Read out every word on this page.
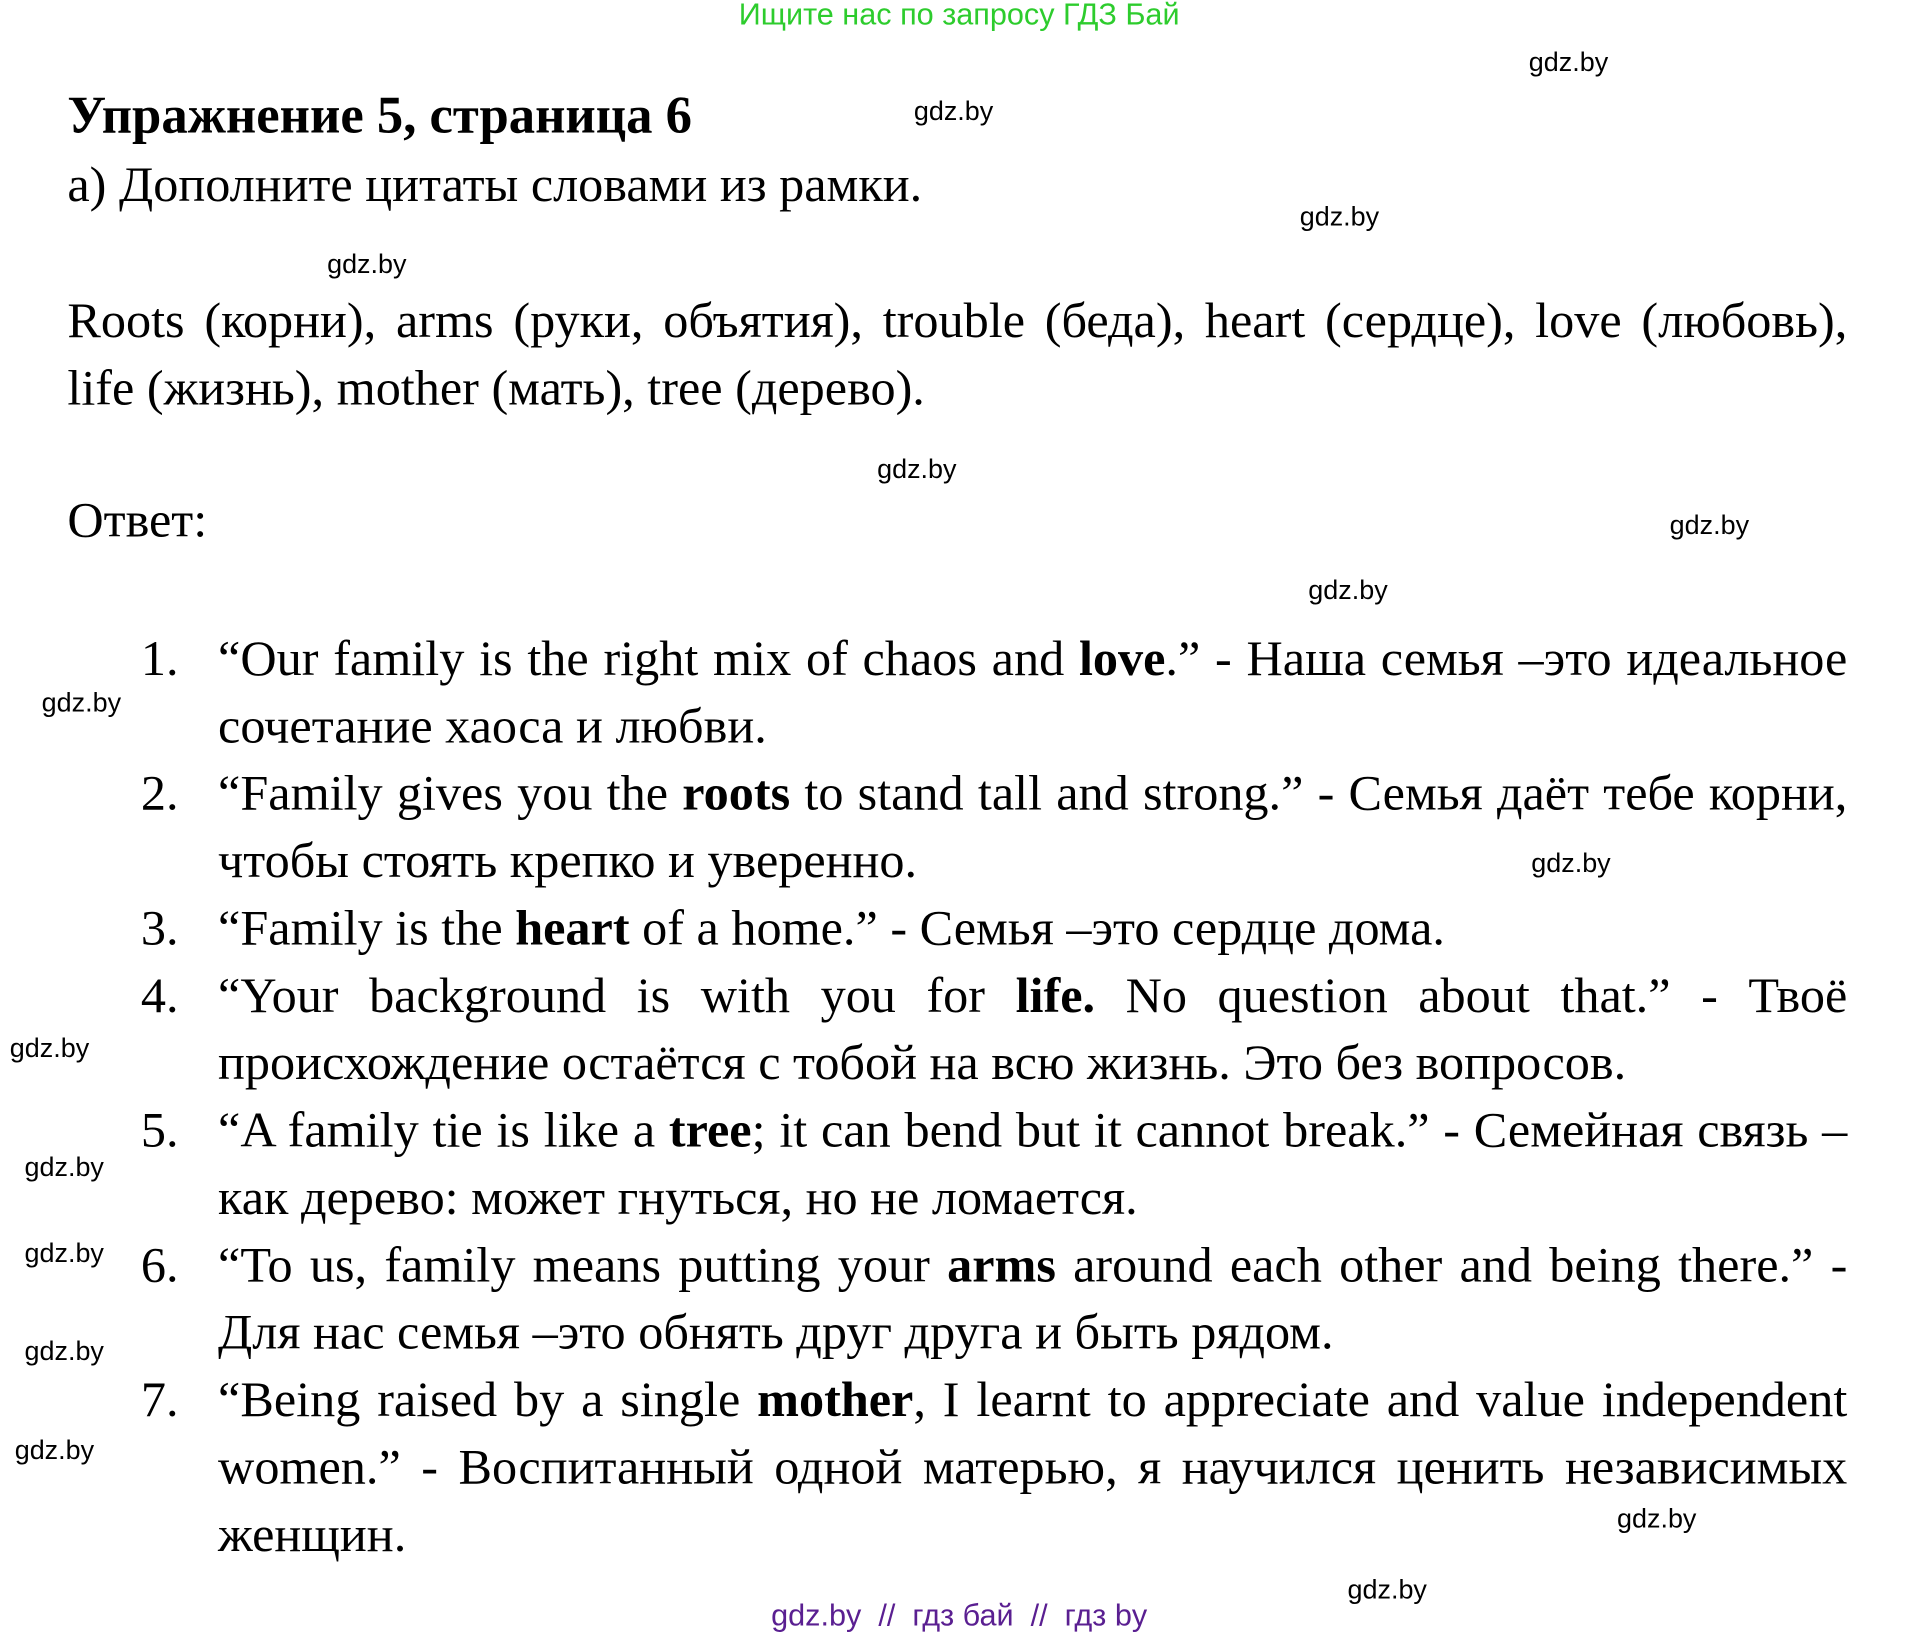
Ищите нас по запросу ГДЗ Бай
Упражнение 5, страница 6
а) Дополните цитаты словами из рамки.
Roots (корни), arms (руки, объятия), trouble (беда), heart (сердце), love (любовь), life (жизнь), mother (мать), tree (дерево).
Ответ:
1. “Our family is the right mix of chaos and love.” - Наша семья –это идеальное сочетание хаоса и любви.
2. “Family gives you the roots to stand tall and strong.” - Семья даёт тебе корни, чтобы стоять крепко и уверенно.
3. “Family is the heart of a home.” - Семья –это сердце дома.
4. “Your background is with you for life. No question about that.” - Твоё происхождение остаётся с тобой на всю жизнь. Это без вопросов.
5. “A family tie is like a tree; it can bend but it cannot break.” - Семейная связь –как дерево: может гнуться, но не ломается.
6. “To us, family means putting your arms around each other and being there.” - Для нас семья –это обнять друг друга и быть рядом.
7. “Being raised by a single mother, I learnt to appreciate and value independent women.” - Воспитанный одной матерью, я научился ценить независимых женщин.
gdz.by
gdz.by
gdz.by
gdz.by
gdz.by
gdz.by
gdz.by
gdz.by
gdz.by
gdz.by
gdz.by
gdz.by
gdz.by
gdz.by
gdz.by
gdz.by
gdz.by  //  гдз бай  //  гдз by
